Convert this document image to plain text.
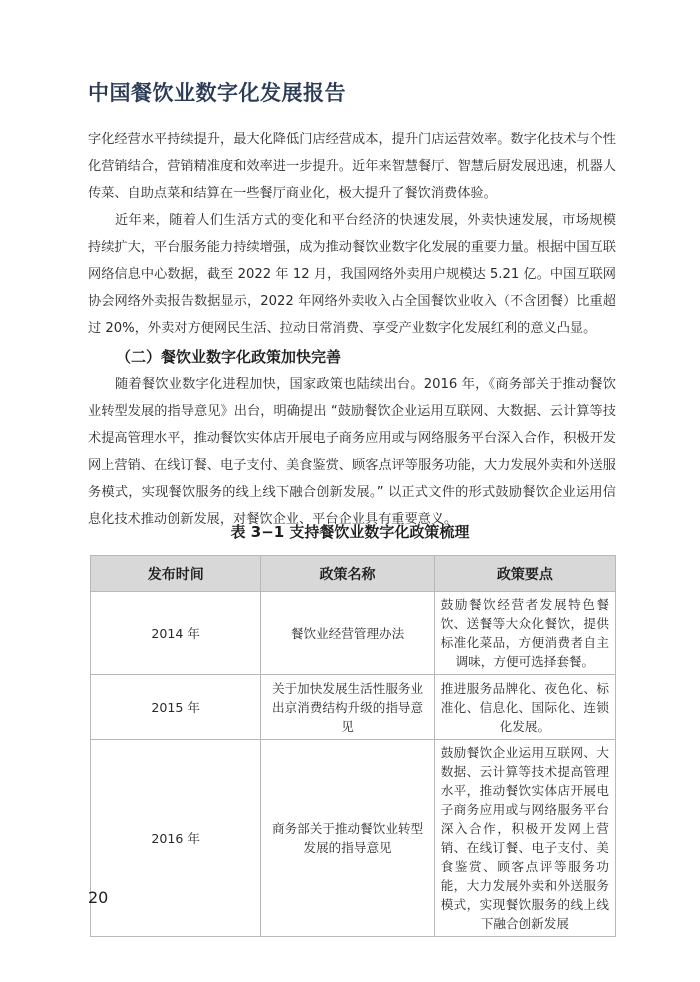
中国餐饮业数字化发展报告

字化经营水平持续提升，最大化降低门店经营成本，提升门店运营效率。数字化技术与个性化营销结合，营销精准度和效率进一步提升。近年来智慧餐厅、智慧后厨发展迅速，机器人传菜、自助点菜和结算在一些餐厅商业化，极大提升了餐饮消费体验。

近年来，随着人们生活方式的变化和平台经济的快速发展，外卖快速发展，市场规模持续扩大，平台服务能力持续增强，成为推动餐饮业数字化发展的重要力量。根据中国互联网络信息中心数据，截至 2022 年 12 月，我国网络外卖用户规模达 5.21 亿。中国互联网协会网络外卖报告数据显示，2022 年网络外卖收入占全国餐饮业收入（不含团餐）比重超过 20%，外卖对方便网民生活、拉动日常消费、享受产业数字化发展红利的意义凸显。

（二）餐饮业数字化政策加快完善

随着餐饮业数字化进程加快，国家政策也陆续出台。2016 年，《商务部关于推动餐饮业转型发展的指导意见》出台，明确提出 “鼓励餐饮企业运用互联网、大数据、云计算等技术提高管理水平，推动餐饮实体店开展电子商务应用或与网络服务平台深入合作，积极开发网上营销、在线订餐、电子支付、美食鉴赏、顾客点评等服务功能，大力发展外卖和外送服务模式，实现餐饮服务的线上线下融合创新发展。” 以正式文件的形式鼓励餐饮企业运用信息化技术推动创新发展，对餐饮企业、平台企业具有重要意义。

表 3−1 支持餐饮业数字化政策梳理
发布时间	政策名称	政策要点
2014 年	餐饮业经营管理办法	鼓励餐饮经营者发展特色餐饮、送餐等大众化餐饮，提供标准化菜品，方便消费者自主调味，方便可选择套餐。
2015 年	关于加快发展生活性服务业出京消费结构升级的指导意见	推进服务品牌化、夜色化、标准化、信息化、国际化、连锁化发展。
2016 年	商务部关于推动餐饮业转型发展的指导意见	鼓励餐饮企业运用互联网、大数据、云计算等技术提高管理水平，推动餐饮实体店开展电子商务应用或与网络服务平台深入合作，积极开发网上营销、在线订餐、电子支付、美食鉴赏、顾客点评等服务功能，大力发展外卖和外送服务模式，实现餐饮服务的线上线下融合创新发展

20
